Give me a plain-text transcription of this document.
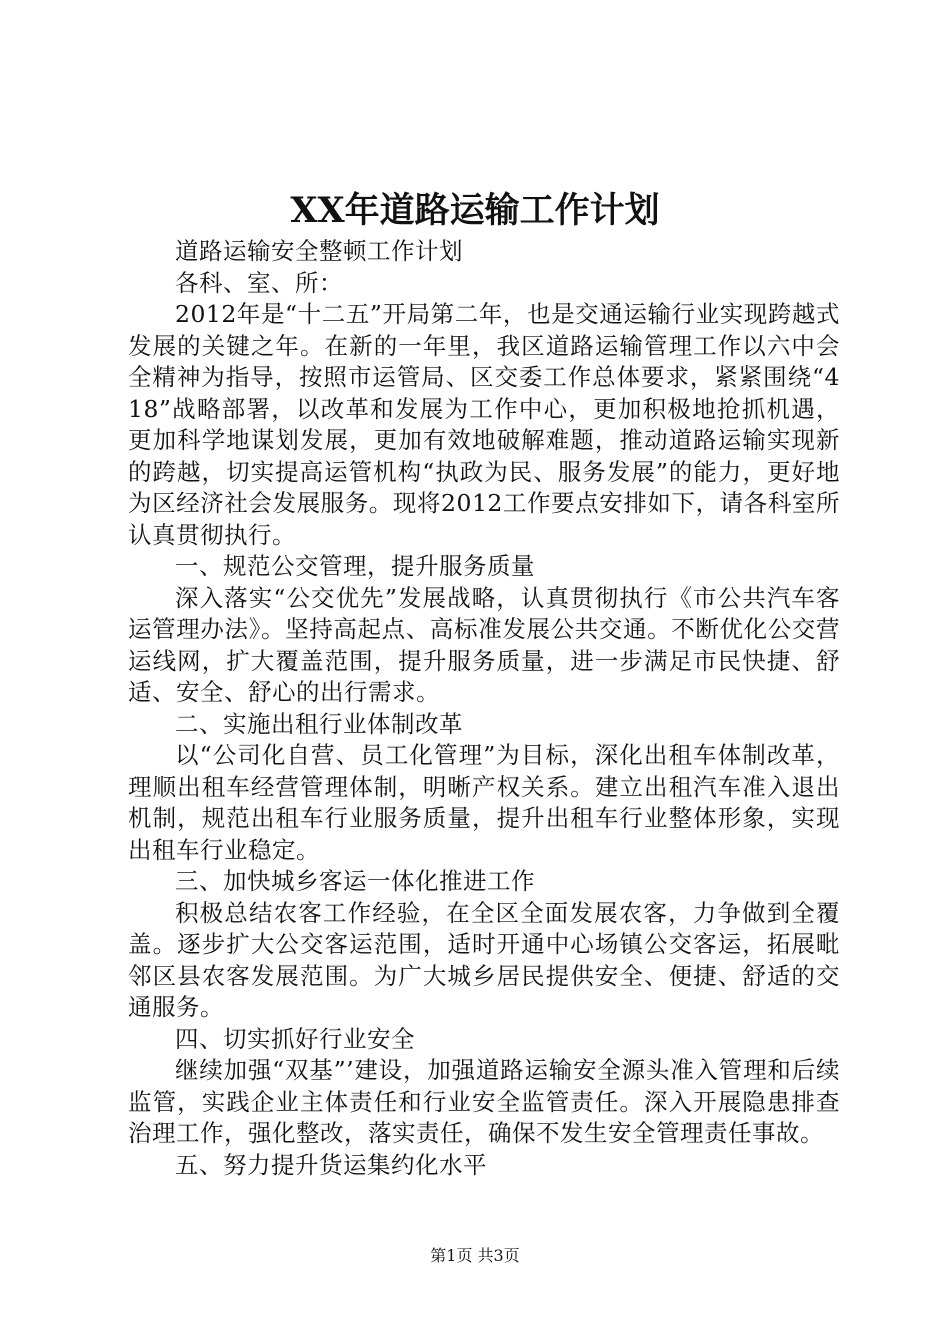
XX年道路运输工作计划

道路运输安全整顿工作计划

各科、室、所：

2012年是“十二五”开局第二年，也是交通运输行业实现跨越式发展的关键之年。在新的一年里，我区道路运输管理工作以六中会全精神为指导，按照市运管局、区交委工作总体要求，紧紧围绕“418”战略部署，以改革和发展为工作中心，更加积极地抢抓机遇，更加科学地谋划发展，更加有效地破解难题，推动道路运输实现新的跨越，切实提高运管机构“执政为民、服务发展”的能力，更好地为区经济社会发展服务。现将2012工作要点安排如下，请各科室所认真贯彻执行。

一、规范公交管理，提升服务质量

深入落实“公交优先”发展战略，认真贯彻执行《市公共汽车客运管理办法》。坚持高起点、高标准发展公共交通。不断优化公交营运线网，扩大覆盖范围，提升服务质量，进一步满足市民快捷、舒适、安全、舒心的出行需求。

二、实施出租行业体制改革

以“公司化自营、员工化管理”为目标，深化出租车体制改革，理顺出租车经营管理体制，明晰产权关系。建立出租汽车准入退出机制，规范出租车行业服务质量，提升出租车行业整体形象，实现出租车行业稳定。

三、加快城乡客运一体化推进工作

积极总结农客工作经验，在全区全面发展农客，力争做到全覆盖。逐步扩大公交客运范围，适时开通中心场镇公交客运，拓展毗邻区县农客发展范围。为广大城乡居民提供安全、便捷、舒适的交通服务。

四、切实抓好行业安全

继续加强“双基”’建设，加强道路运输安全源头准入管理和后续监管，实践企业主体责任和行业安全监管责任。深入开展隐患排查治理工作，强化整改，落实责任，确保不发生安全管理责任事故。

五、努力提升货运集约化水平

第1页 共3页
